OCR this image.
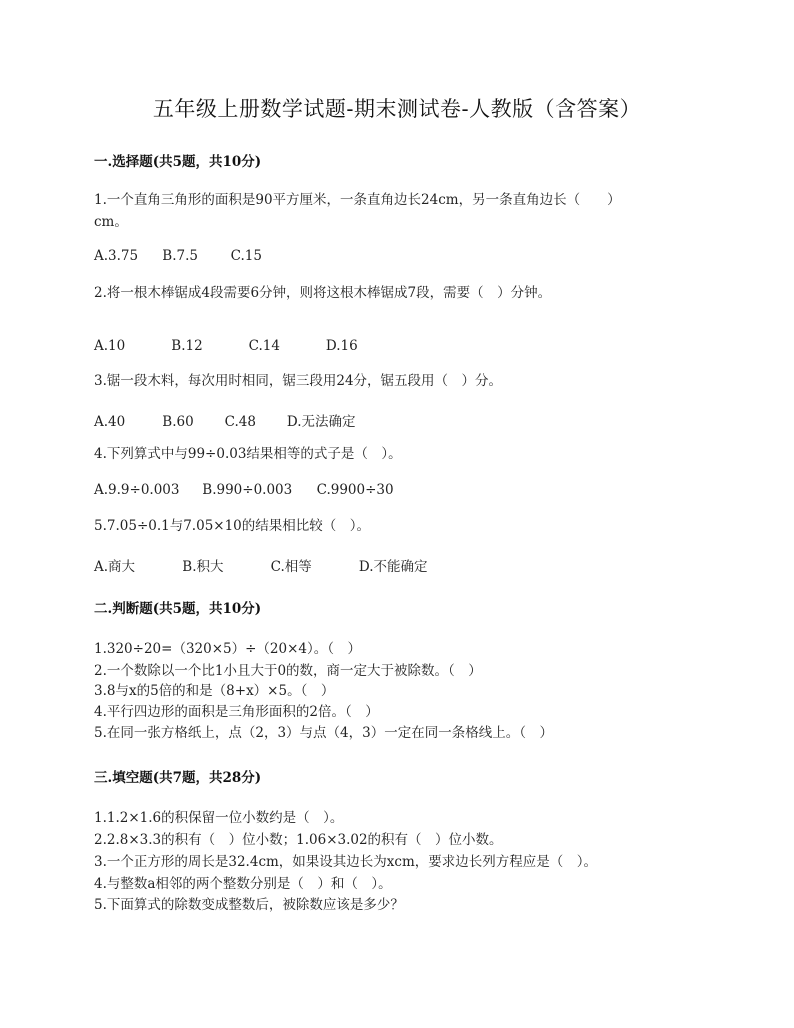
五年级上册数学试题-期末测试卷-人教版（含答案）
一.选择题(共5题，共10分)
1.一个直角三角形的面积是90平方厘米，一条直角边长24cm，另一条直角边长（　　）cm。
A.3.75 B.7.5 C.15
2.将一根木棒锯成4段需要6分钟，则将这根木棒锯成7段，需要（　）分钟。
A.10	B.12	C.14	D.16
3.锯一段木料，每次用时相同，锯三段用24分，锯五段用（　）分。
A.40	B.60 C.48 D.无法确定
4.下列算式中与99÷0.03结果相等的式子是（　）。
A.9.9÷0.003 B.990÷0.003 C.9900÷30
5.7.05÷0.1与7.05×10的结果相比较（　）。
A.商大	B.积大	C.相等	D.不能确定
二.判断题(共5题，共10分)
1.320÷20=（320×5）÷（20×4）。（　）
2.一个数除以一个比1小且大于0的数，商一定大于被除数。（　）
3.8与x的5倍的和是（8+x）×5。（　）
4.平行四边形的面积是三角形面积的2倍。（　）
5.在同一张方格纸上，点（2，3）与点（4，3）一定在同一条格线上。（　）
三.填空题(共7题，共28分)
1.1.2×1.6的积保留一位小数约是（　）。
2.2.8×3.3的积有（　）位小数；1.06×3.02的积有（　）位小数。
3.一个正方形的周长是32.4cm，如果设其边长为xcm，要求边长列方程应是（　）。
4.与整数a相邻的两个整数分别是（　）和（　）。
5.下面算式的除数变成整数后，被除数应该是多少？
